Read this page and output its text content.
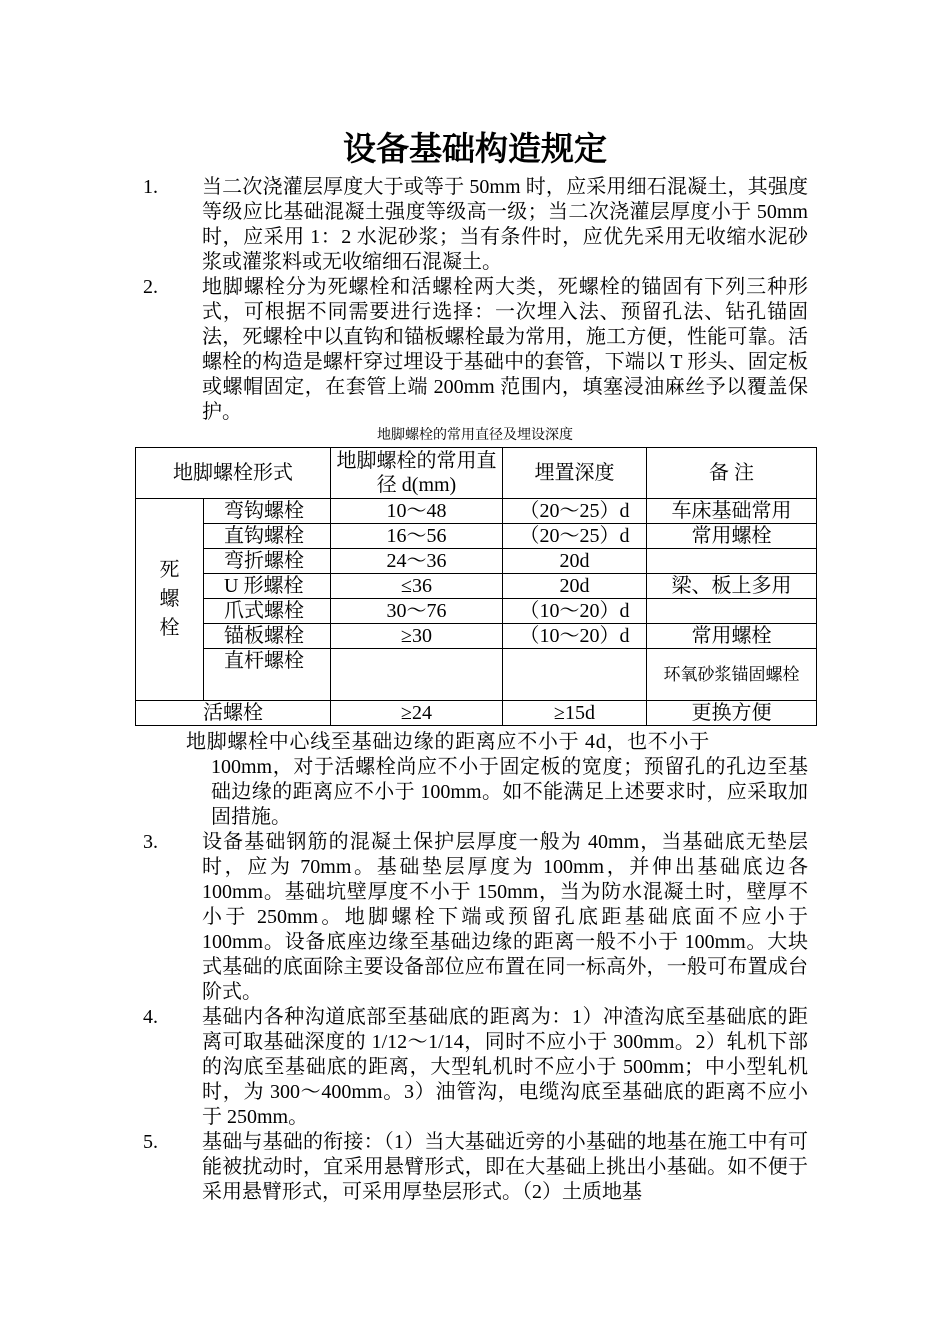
设备基础构造规定
1. 当二次浇灌层厚度大于或等于 50mm 时，应采用细石混凝土，其强度等级应比基础混凝土强度等级高一级；当二次浇灌层厚度小于 50mm 时，应采用 1：2 水泥砂浆；当有条件时，应优先采用无收缩水泥砂浆或灌浆料或无收缩细石混凝土。
2. 地脚螺栓分为死螺栓和活螺栓两大类，死螺栓的锚固有下列三种形式，可根据不同需要进行选择：一次埋入法、预留孔法、钻孔锚固法，死螺栓中以直钩和锚板螺栓最为常用，施工方便，性能可靠。活螺栓的构造是螺杆穿过埋设于基础中的套管，下端以 T 形头、固定板或螺帽固定，在套管上端 200mm 范围内，填塞浸油麻丝予以覆盖保护。
地脚螺栓的常用直径及埋设深度
地脚螺栓形式		地脚螺栓的常用直径 d(mm)	埋置深度	备 注

死
螺
栓	弯钩螺栓	10～48	（20～25）d	车床基础常用
	直钩螺栓	16～56	（20～25）d	常用螺栓
	弯折螺栓	24～36	20d	
	U 形螺栓	≤36	20d	梁、板上多用
	爪式螺栓	30～76	（10～20）d	
	锚板螺栓	≥30	（10～20）d	常用螺栓
	直杆螺栓			环氧砂浆锚固螺栓
活螺栓		≥24	≥15d	更换方便
地脚螺栓中心线至基础边缘的距离应不小于 4d，也不小于
100mm，对于活螺栓尚应不小于固定板的宽度；预留孔的孔边至基础边缘的距离应不小于 100mm。如不能满足上述要求时，应采取加固措施。
3. 设备基础钢筋的混凝土保护层厚度一般为 40mm，当基础底无垫层时，应为 70mm。基础垫层厚度为 100mm，并伸出基础底边各 100mm。基础坑壁厚度不小于 150mm，当为防水混凝土时，壁厚不小于 250mm。地脚螺栓下端或预留孔底距基础底面不应小于 100mm。设备底座边缘至基础边缘的距离一般不小于 100mm。大块式基础的底面除主要设备部位应布置在同一标高外，一般可布置成台阶式。
4. 基础内各种沟道底部至基础底的距离为：1）冲渣沟底至基础底的距离可取基础深度的 1/12～1/14，同时不应小于 300mm。2）轧机下部的沟底至基础底的距离，大型轧机时不应小于 500mm；中小型轧机时，为 300～400mm。3）油管沟，电缆沟底至基础底的距离不应小于 250mm。
5. 基础与基础的衔接：（1）当大基础近旁的小基础的地基在施工中有可能被扰动时，宜采用悬臂形式，即在大基础上挑出小基础。如不便于采用悬臂形式，可采用厚垫层形式。（2）土质地基
